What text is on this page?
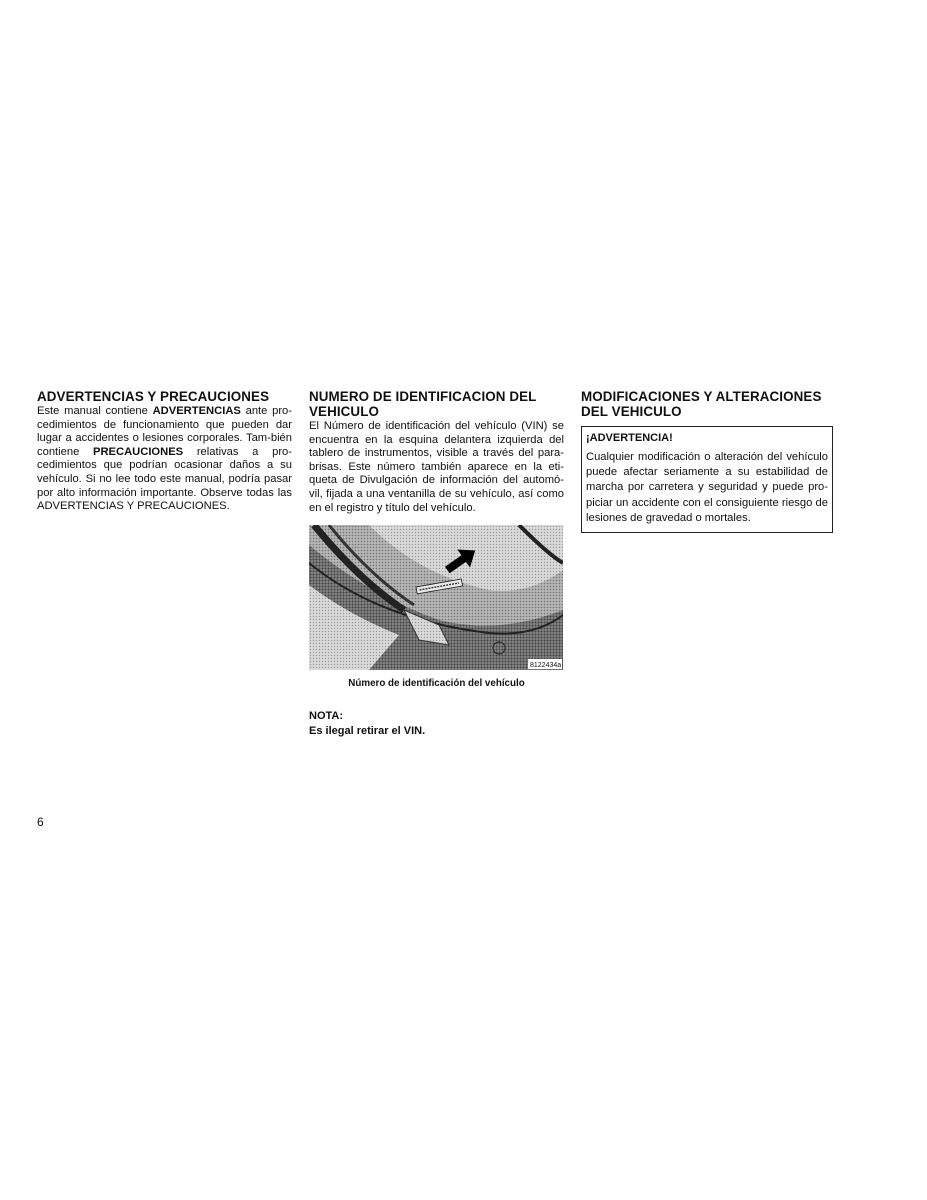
ADVERTENCIAS Y PRECAUCIONES

Este manual contiene ADVERTENCIAS ante pro-cedimientos de funcionamiento que pueden dar lugar a accidentes o lesiones corporales. Tam-bién contiene PRECAUCIONES relativas a pro-cedimientos que podrían ocasionar daños a su vehículo. Si no lee todo este manual, podría pasar por alto información importante. Observe todas las ADVERTENCIAS Y PRECAUCIONES.

NUMERO DE IDENTIFICACION DEL VEHICULO

El Número de identificación del vehículo (VIN) se encuentra en la esquina delantera izquierda del tablero de instrumentos, visible a través del para-brisas. Este número también aparece en la eti-queta de Divulgación de información del automó-vil, fijada a una ventanilla de su vehículo, así como en el registro y título del vehículo.

8122434a
Número de identificación del vehículo
NOTA:
Es ilegal retirar el VIN.
MODIFICACIONES Y ALTERACIONES DEL VEHICULO
¡ADVERTENCIA!
Cualquier modificación o alteración del vehículo puede afectar seriamente a su estabilidad de marcha por carretera y seguridad y puede pro-piciar un accidente con el consiguiente riesgo de lesiones de gravedad o mortales.
6
